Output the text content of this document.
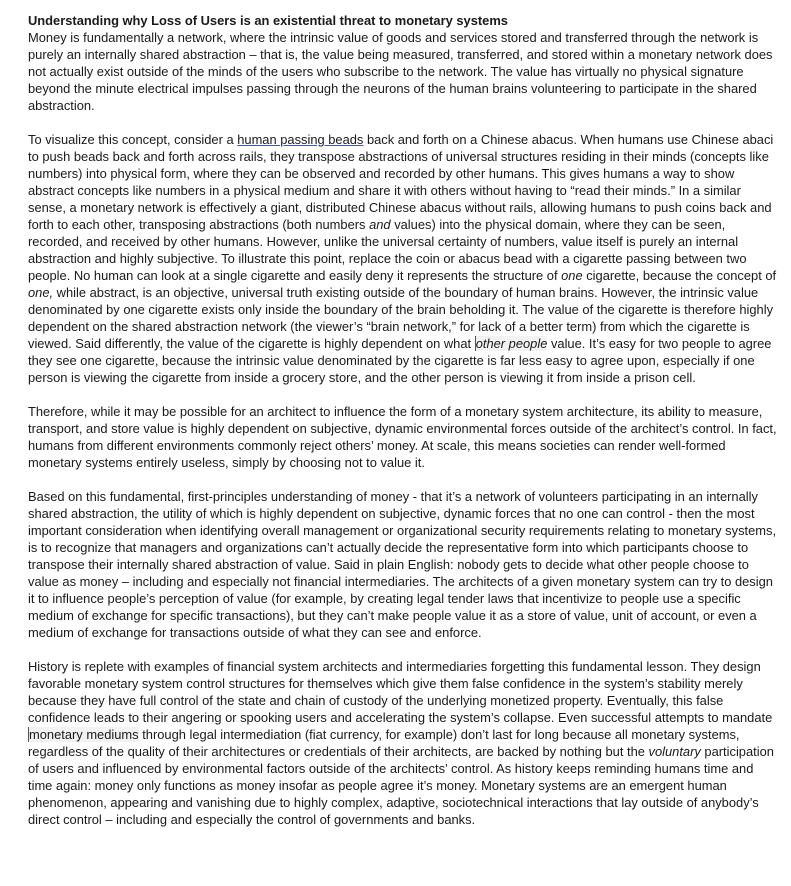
Understanding why Loss of Users is an existential threat to monetary systems

Money is fundamentally a network, where the intrinsic value of goods and services stored and transferred through the network is purely an internally shared abstraction – that is, the value being measured, transferred, and stored within a monetary network does not actually exist outside of the minds of the users who subscribe to the network. The value has virtually no physical signature beyond the minute electrical impulses passing through the neurons of the human brains volunteering to participate in the shared abstraction.

To visualize this concept, consider a human passing beads back and forth on a Chinese abacus. When humans use Chinese abaci to push beads back and forth across rails, they transpose abstractions of universal structures residing in their minds (concepts like numbers) into physical form, where they can be observed and recorded by other humans. This gives humans a way to show abstract concepts like numbers in a physical medium and share it with others without having to “read their minds.” In a similar sense, a monetary network is effectively a giant, distributed Chinese abacus without rails, allowing humans to push coins back and forth to each other, transposing abstractions (both numbers and values) into the physical domain, where they can be seen, recorded, and received by other humans. However, unlike the universal certainty of numbers, value itself is purely an internal abstraction and highly subjective. To illustrate this point, replace the coin or abacus bead with a cigarette passing between two people. No human can look at a single cigarette and easily deny it represents the structure of one cigarette, because the concept of one, while abstract, is an objective, universal truth existing outside of the boundary of human brains. However, the intrinsic value denominated by one cigarette exists only inside the boundary of the brain beholding it. The value of the cigarette is therefore highly dependent on the shared abstraction network (the viewer’s “brain network,” for lack of a better term) from which the cigarette is viewed. Said differently, the value of the cigarette is highly dependent on what other people value. It’s easy for two people to agree they see one cigarette, because the intrinsic value denominated by the cigarette is far less easy to agree upon, especially if one person is viewing the cigarette from inside a grocery store, and the other person is viewing it from inside a prison cell.

Therefore, while it may be possible for an architect to influence the form of a monetary system architecture, its ability to measure, transport, and store value is highly dependent on subjective, dynamic environmental forces outside of the architect’s control. In fact, humans from different environments commonly reject others’ money. At scale, this means societies can render well-formed monetary systems entirely useless, simply by choosing not to value it.

Based on this fundamental, first-principles understanding of money - that it’s a network of volunteers participating in an internally shared abstraction, the utility of which is highly dependent on subjective, dynamic forces that no one can control - then the most important consideration when identifying overall management or organizational security requirements relating to monetary systems, is to recognize that managers and organizations can’t actually decide the representative form into which participants choose to transpose their internally shared abstraction of value. Said in plain English: nobody gets to decide what other people choose to value as money – including and especially not financial intermediaries. The architects of a given monetary system can try to design it to influence people’s perception of value (for example, by creating legal tender laws that incentivize to people use a specific medium of exchange for specific transactions), but they can’t make people value it as a store of value, unit of account, or even a medium of exchange for transactions outside of what they can see and enforce.

History is replete with examples of financial system architects and intermediaries forgetting this fundamental lesson. They design favorable monetary system control structures for themselves which give them false confidence in the system’s stability merely because they have full control of the state and chain of custody of the underlying monetized property. Eventually, this false confidence leads to their angering or spooking users and accelerating the system’s collapse. Even successful attempts to mandate monetary mediums through legal intermediation (fiat currency, for example) don’t last for long because all monetary systems, regardless of the quality of their architectures or credentials of their architects, are backed by nothing but the voluntary participation of users and influenced by environmental factors outside of the architects’ control. As history keeps reminding humans time and time again: money only functions as money insofar as people agree it’s money. Monetary systems are an emergent human phenomenon, appearing and vanishing due to highly complex, adaptive, sociotechnical interactions that lay outside of anybody’s direct control – including and especially the control of governments and banks.
